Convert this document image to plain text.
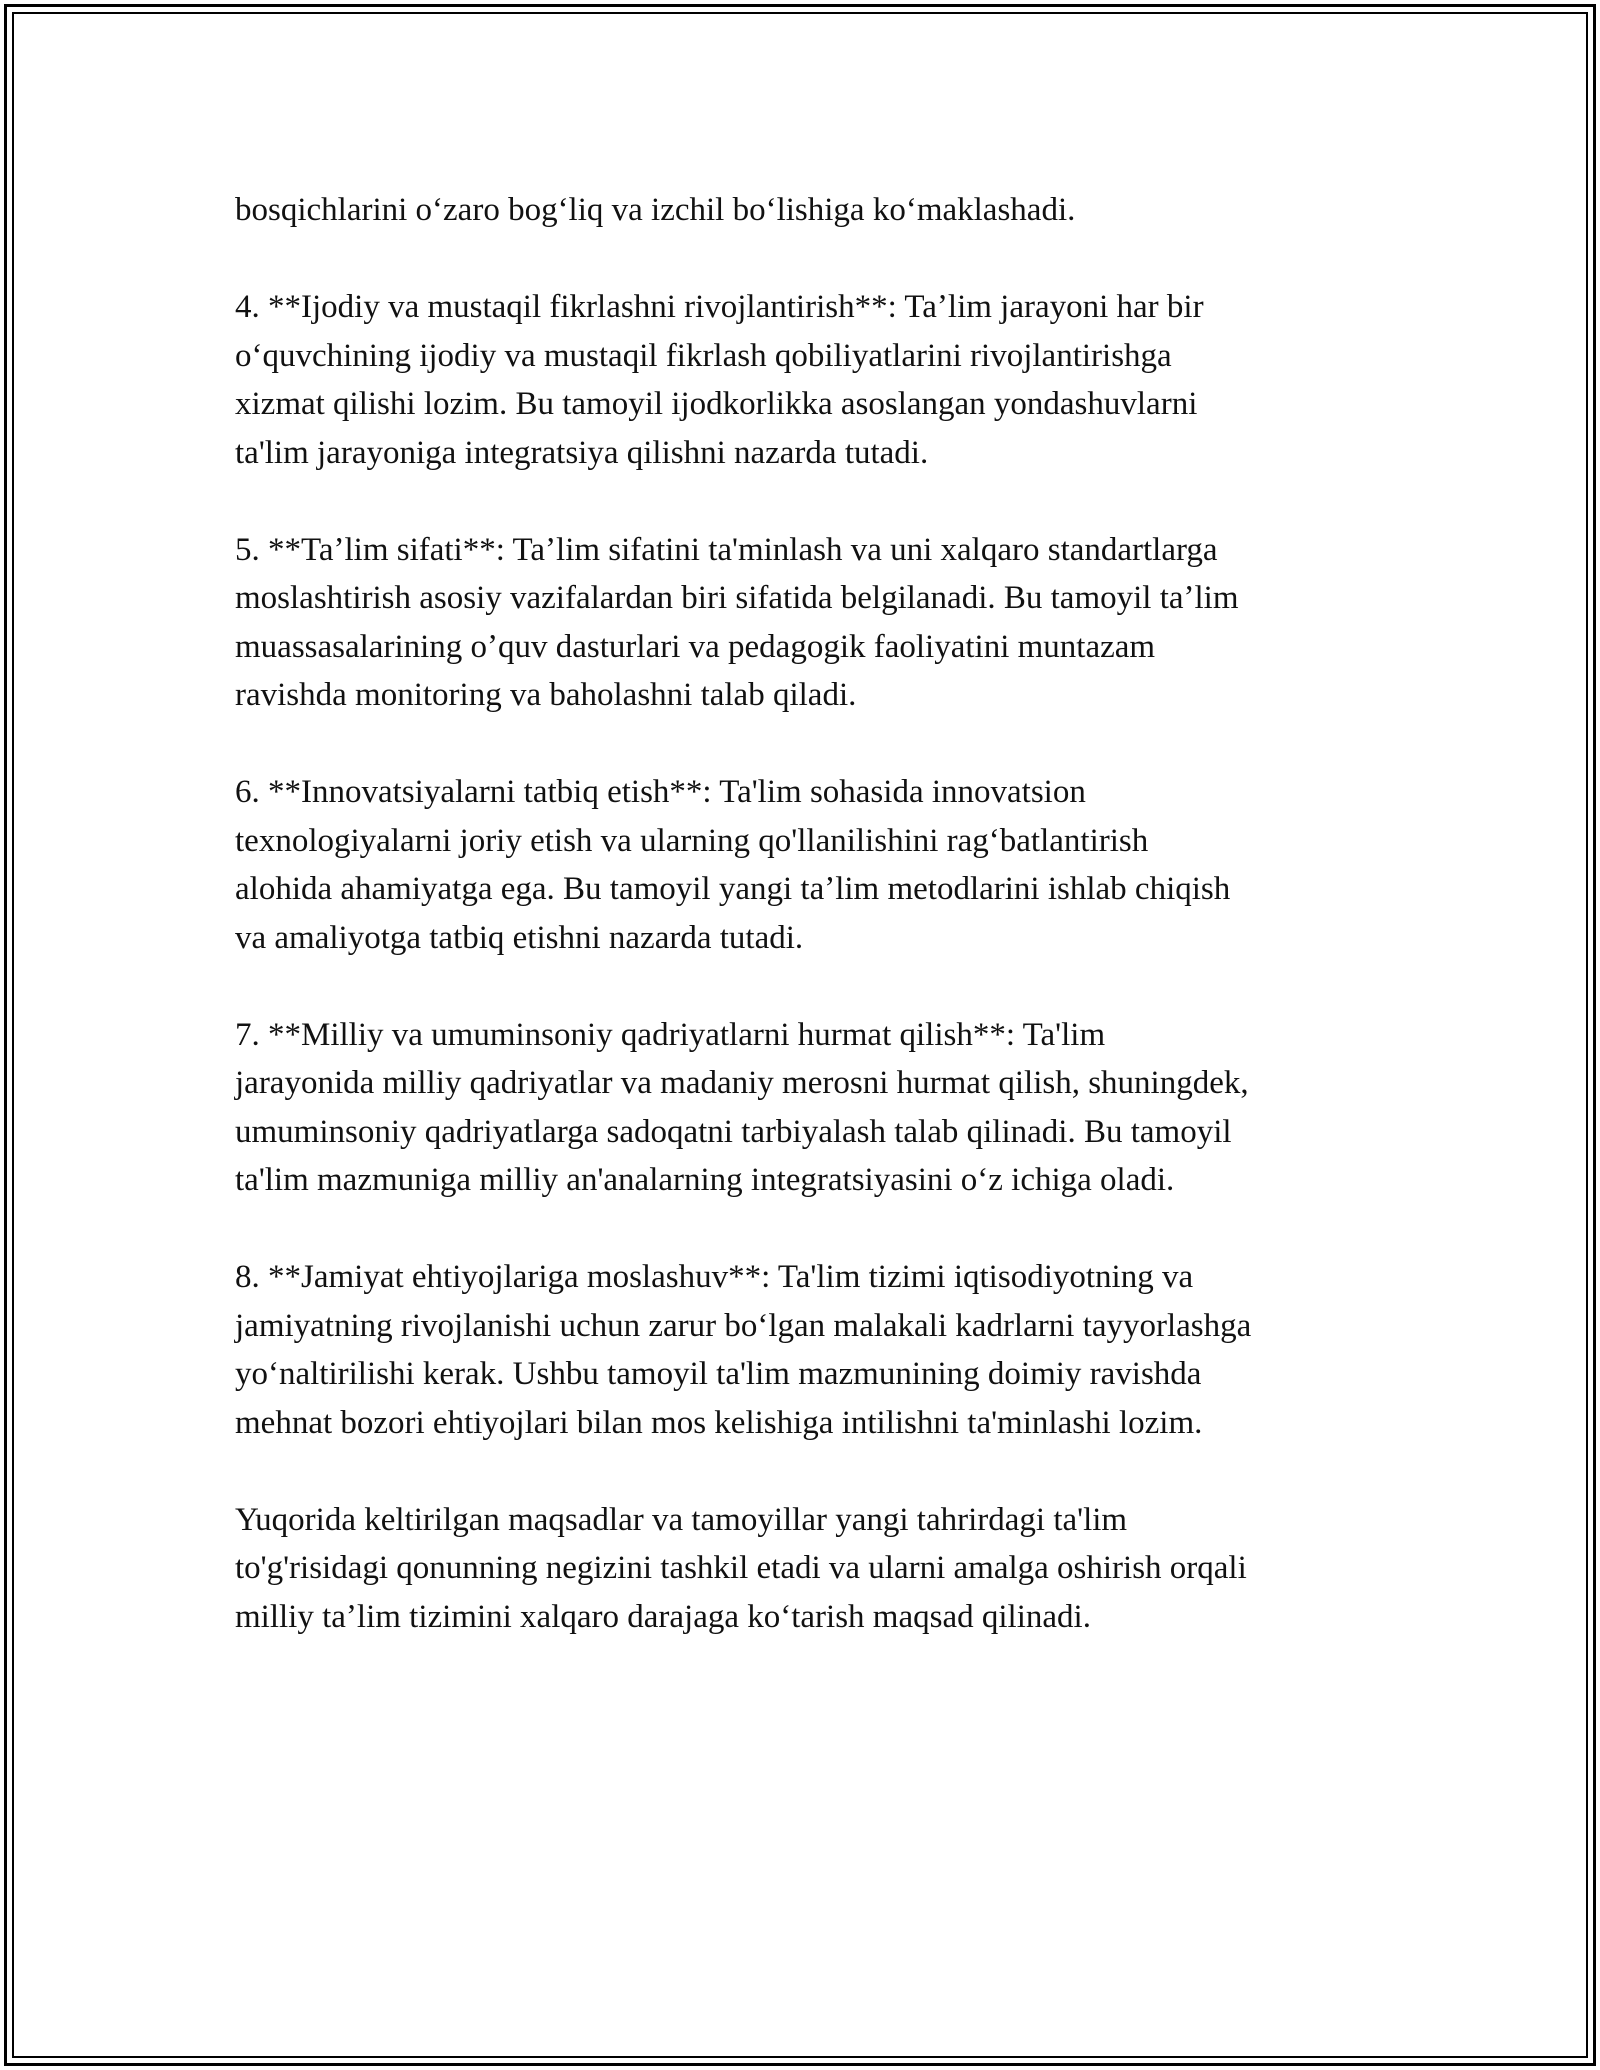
bosqichlarini oʻzaro bogʻliq va izchil boʻlishiga koʻmaklashadi.

4. **Ijodiy va mustaqil fikrlashni rivojlantirish**: Taʼlim jarayoni har bir
oʻquvchining ijodiy va mustaqil fikrlash qobiliyatlarini rivojlantirishga
xizmat qilishi lozim. Bu tamoyil ijodkorlikka asoslangan yondashuvlarni
ta'lim jarayoniga integratsiya qilishni nazarda tutadi.

5. **Taʼlim sifati**: Taʼlim sifatini ta'minlash va uni xalqaro standartlarga
moslashtirish asosiy vazifalardan biri sifatida belgilanadi. Bu tamoyil taʼlim
muassasalarining oʼquv dasturlari va pedagogik faoliyatini muntazam
ravishda monitoring va baholashni talab qiladi.

6. **Innovatsiyalarni tatbiq etish**: Ta'lim sohasida innovatsion
texnologiyalarni joriy etish va ularning qo'llanilishini ragʻbatlantirish
alohida ahamiyatga ega. Bu tamoyil yangi taʼlim metodlarini ishlab chiqish
va amaliyotga tatbiq etishni nazarda tutadi.

7. **Milliy va umuminsoniy qadriyatlarni hurmat qilish**: Ta'lim
jarayonida milliy qadriyatlar va madaniy merosni hurmat qilish, shuningdek,
umuminsoniy qadriyatlarga sadoqatni tarbiyalash talab qilinadi. Bu tamoyil
ta'lim mazmuniga milliy an'analarning integratsiyasini oʻz ichiga oladi.

8. **Jamiyat ehtiyojlariga moslashuv**: Ta'lim tizimi iqtisodiyotning va
jamiyatning rivojlanishi uchun zarur boʻlgan malakali kadrlarni tayyorlashga
yoʻnaltirilishi kerak. Ushbu tamoyil ta'lim mazmunining doimiy ravishda
mehnat bozori ehtiyojlari bilan mos kelishiga intilishni ta'minlashi lozim.

Yuqorida keltirilgan maqsadlar va tamoyillar yangi tahrirdagi ta'lim
to'g'risidagi qonunning negizini tashkil etadi va ularni amalga oshirish orqali
milliy taʼlim tizimini xalqaro darajaga koʻtarish maqsad qilinadi.
